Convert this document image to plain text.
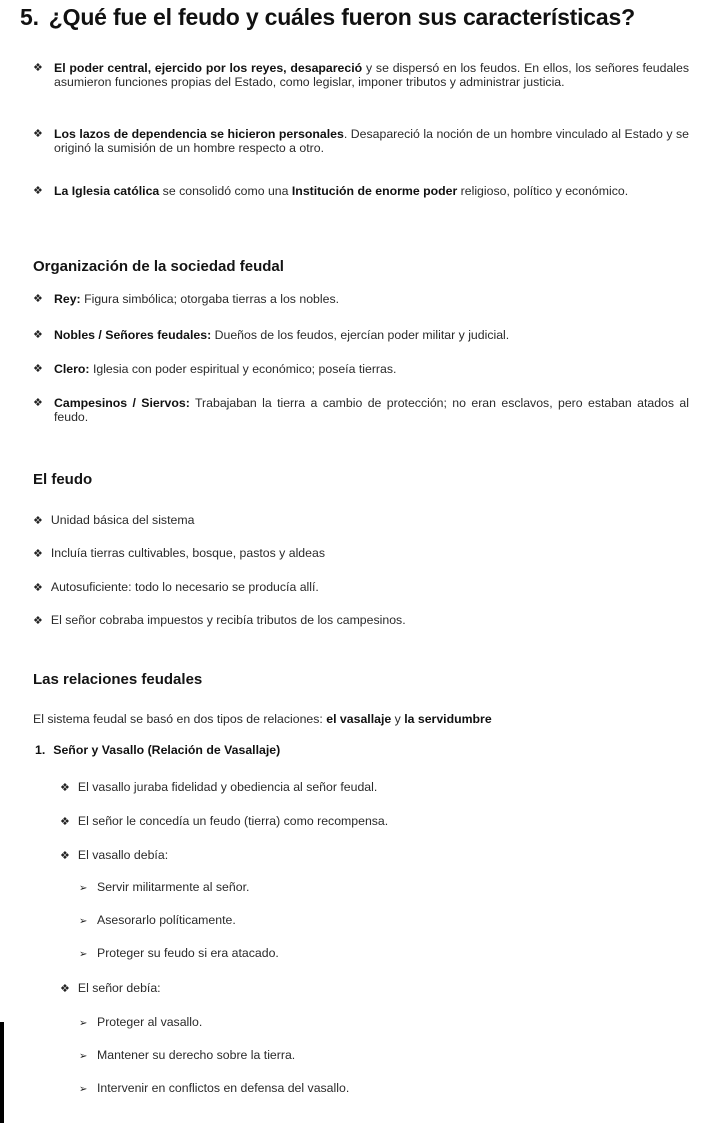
5. ¿Qué fue el feudo y cuáles fueron sus características?
❖ El poder central, ejercido por los reyes, desapareció y se dispersó en los feudos. En ellos, los señores feudales asumieron funciones propias del Estado, como legislar, imponer tributos y administrar justicia.
❖ Los lazos de dependencia se hicieron personales. Desapareció la noción de un hombre vinculado al Estado y se originó la sumisión de un hombre respecto a otro.
❖ La Iglesia católica se consolidó como una Institución de enorme poder religioso, político y económico.
Organización de la sociedad feudal
❖ Rey: Figura simbólica; otorgaba tierras a los nobles.
❖ Nobles / Señores feudales: Dueños de los feudos, ejercían poder militar y judicial.
❖ Clero: Iglesia con poder espiritual y económico; poseía tierras.
❖ Campesinos / Siervos: Trabajaban la tierra a cambio de protección; no eran esclavos, pero estaban atados al feudo.
El feudo
❖ Unidad básica del sistema
❖ Incluía tierras cultivables, bosque, pastos y aldeas
❖ Autosuficiente: todo lo necesario se producía allí.
❖ El señor cobraba impuestos y recibía tributos de los campesinos.
Las relaciones feudales
El sistema feudal se basó en dos tipos de relaciones: el vasallaje y la servidumbre
1. Señor y Vasallo (Relación de Vasallaje)
❖ El vasallo juraba fidelidad y obediencia al señor feudal.
❖ El señor le concedía un feudo (tierra) como recompensa.
❖ El vasallo debía:
➢ Servir militarmente al señor.
➢ Asesorarlo políticamente.
➢ Proteger su feudo si era atacado.
❖ El señor debía:
➢ Proteger al vasallo.
➢ Mantener su derecho sobre la tierra.
➢ Intervenir en conflictos en defensa del vasallo.
